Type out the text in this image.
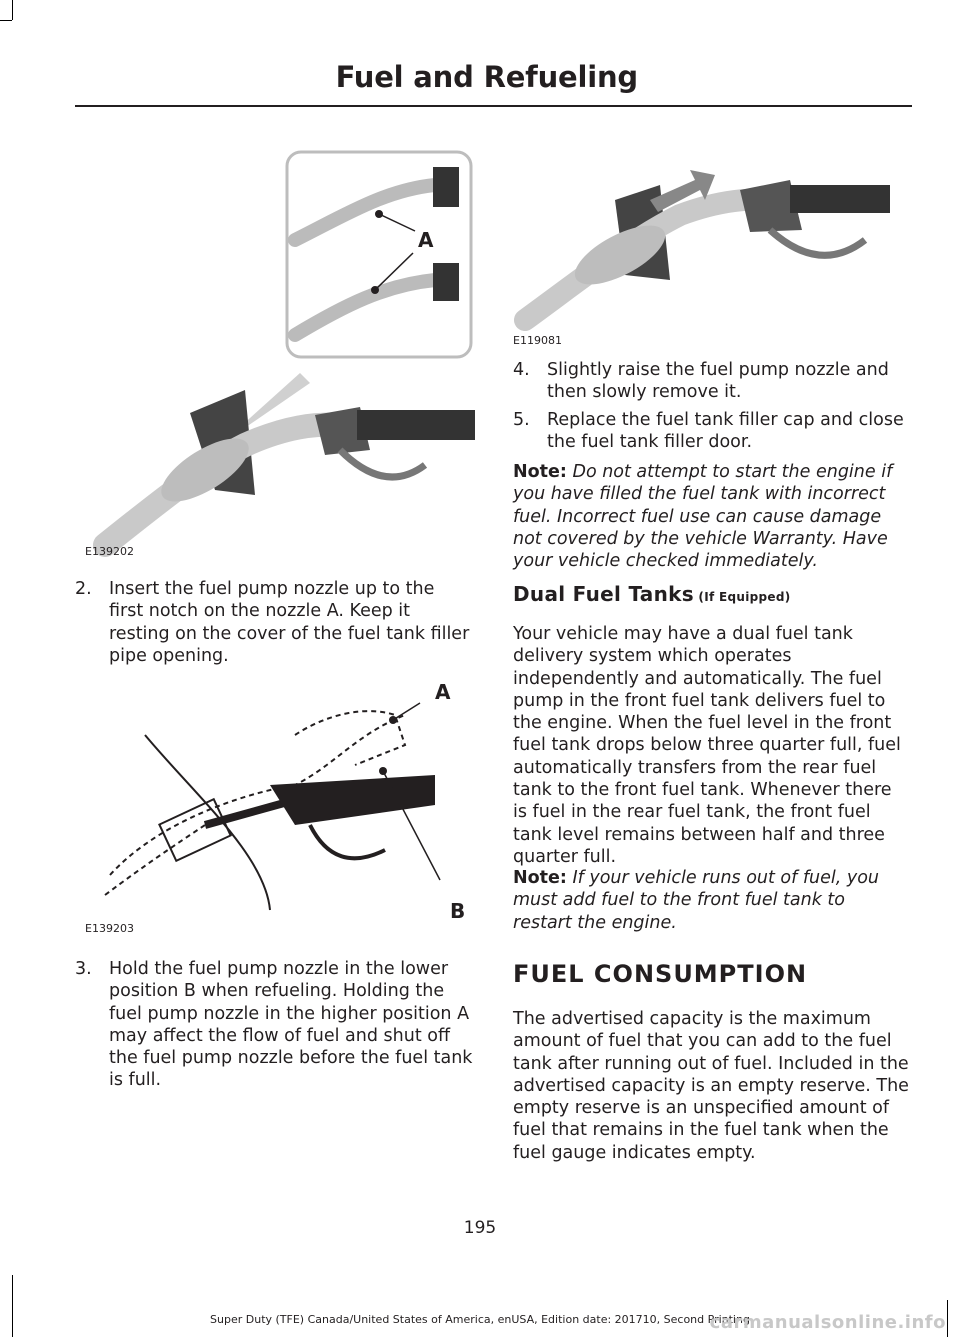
Fuel and Refueling
A
E139202
2. Insert the fuel pump nozzle up to the first notch on the nozzle A. Keep it resting on the cover of the fuel tank filler pipe opening.
A
B
E139203
3. Hold the fuel pump nozzle in the lower position B when refueling. Holding the fuel pump nozzle in the higher position A may affect the flow of fuel and shut off the fuel pump nozzle before the fuel tank is full.
E119081
4. Slightly raise the fuel pump nozzle and then slowly remove it.
5. Replace the fuel tank filler cap and close the fuel tank filler door.
Note: Do not attempt to start the engine if you have filled the fuel tank with incorrect fuel. Incorrect fuel use can cause damage not covered by the vehicle Warranty. Have your vehicle checked immediately.
Dual Fuel Tanks (If Equipped)
Your vehicle may have a dual fuel tank delivery system which operates independently and automatically. The fuel pump in the front fuel tank delivers fuel to the engine. When the fuel level in the front fuel tank drops below three quarter full, fuel automatically transfers from the rear fuel tank to the front fuel tank. Whenever there is fuel in the rear fuel tank, the front fuel tank level remains between half and three quarter full.
Note: If your vehicle runs out of fuel, you must add fuel to the front fuel tank to restart the engine.
FUEL CONSUMPTION
The advertised capacity is the maximum amount of fuel that you can add to the fuel tank after running out of fuel. Included in the advertised capacity is an empty reserve. The empty reserve is an unspecified amount of fuel that remains in the fuel tank when the fuel gauge indicates empty.
195
Super Duty (TFE) Canada/United States of America, enUSA, Edition date: 201710, Second Printing
carmanualsonline.info
